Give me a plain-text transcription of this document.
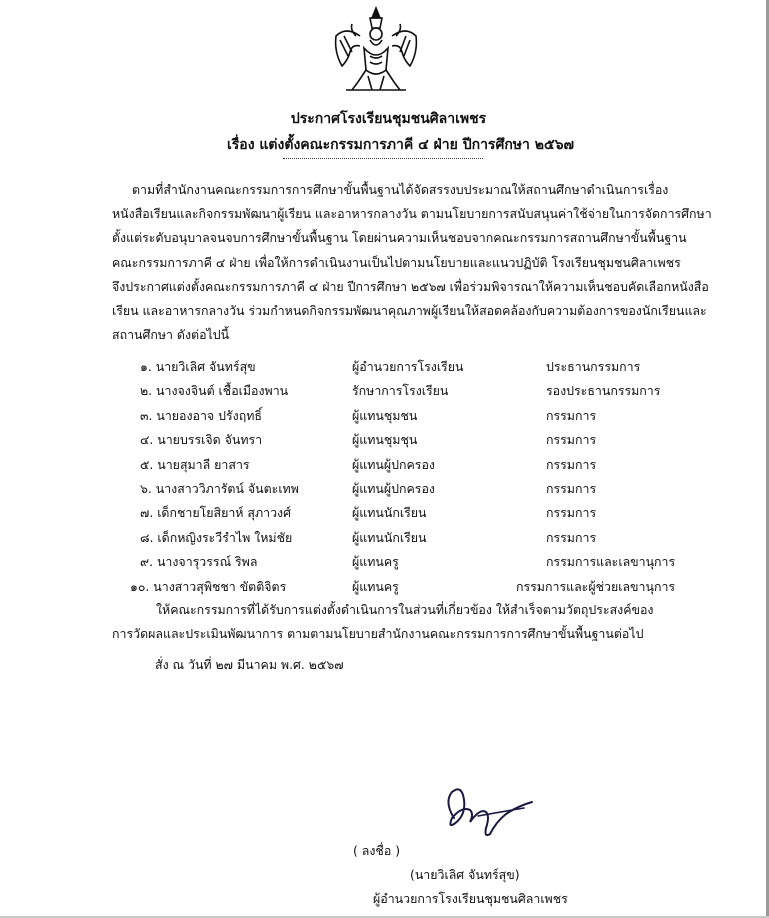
ประกาศโรงเรียนชุมชนศิลาเพชร
เรื่อง แต่งตั้งคณะกรรมการภาคี ๔ ฝ่าย ปีการศึกษา ๒๕๖๗
ตามที่สำนักงานคณะกรรมการการศึกษาขั้นพื้นฐานได้จัดสรรงบประมาณให้สถานศึกษาดำเนินการเรื่อง
หนังสือเรียนและกิจกรรมพัฒนาผู้เรียน และอาหารกลางวัน ตามนโยบายการสนับสนุนค่าใช้จ่ายในการจัดการศึกษา
ตั้งแต่ระดับอนุบาลจนจบการศึกษาขั้นพื้นฐาน โดยผ่านความเห็นชอบจากคณะกรรมการสถานศึกษาขั้นพื้นฐาน
คณะกรรมการภาคี ๔ ฝ่าย เพื่อให้การดำเนินงานเป็นไปตามนโยบายและแนวปฏิบัติ โรงเรียนชุมชนศิลาเพชร
จึงประกาศแต่งตั้งคณะกรรมการภาคี ๔ ฝ่าย ปีการศึกษา ๒๕๖๗ เพื่อร่วมพิจารณาให้ความเห็นชอบคัดเลือกหนังสือ
เรียน และอาหารกลางวัน ร่วมกำหนดกิจกรรมพัฒนาคุณภาพผู้เรียนให้สอดคล้องกับความต้องการของนักเรียนและ
สถานศึกษา ดังต่อไปนี้
๑. นายวิเลิศ จันทร์สุข	ผู้อำนวยการโรงเรียน	ประธานกรรมการ
๒. นางจงจินต์ เชื้อเมืองพาน	รักษาการโรงเรียน	รองประธานกรรมการ
๓. นายองอาจ ปรังฤทธิ์	ผู้แทนชุมชน	กรรมการ
๔. นายบรรเจิด จันทรา	ผู้แทนชุมชุน	กรรมการ
๕. นายสุมาลี ยาสาร	ผู้แทนผู้ปกครอง	กรรมการ
๖. นางสาววิภารัตน์ จันตะเทพ	ผู้แทนผู้ปกครอง	กรรมการ
๗. เด็กชายโยสิยาห์ สุภาวงศ์	ผู้แทนนักเรียน	กรรมการ
๘. เด็กหญิงระวีรำไพ ใหม่ชัย	ผู้แทนนักเรียน	กรรมการ
๙. นางจารุวรรณ์ ริพล	ผู้แทนครู	กรรมการและเลขานุการ
๑๐. นางสาวสุพิชชา ขัตติจิตร	ผู้แทนครู	กรรมการและผู้ช่วยเลขานุการ
ให้คณะกรรมการที่ได้รับการแต่งตั้งดำเนินการในส่วนที่เกี่ยวข้อง ให้สำเร็จตามวัตถุประสงค์ของ
การวัดผลและประเมินพัฒนาการ ตามตามนโยบายสำนักงานคณะกรรมการการศึกษาขั้นพื้นฐานต่อไป
สั่ง ณ วันที่ ๒๗ มีนาคม พ.ศ. ๒๕๖๗
( ลงชื่อ )
(นายวิเลิศ จันทร์สุข)
ผู้อำนวยการโรงเรียนชุมชนศิลาเพชร
